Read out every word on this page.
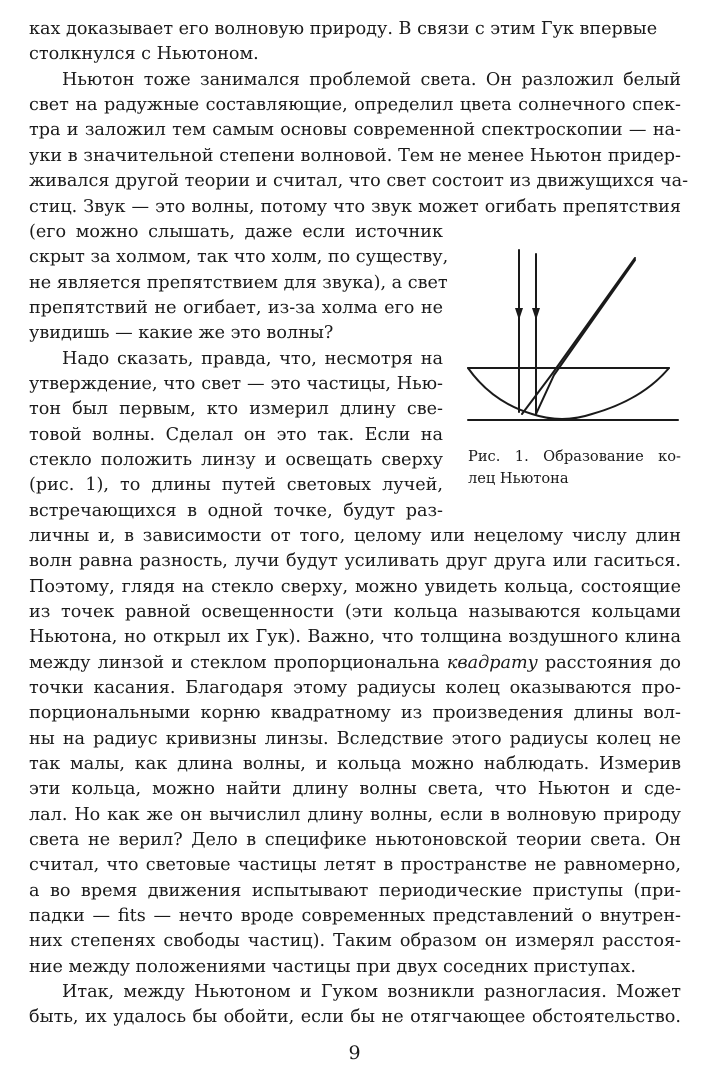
ках доказывает его волновую природу. В связи с этим Гук впервые
столкнулся с Ньютоном.
Ньютон тоже занимался проблемой света. Он разложил белый
свет на радужные составляющие, определил цвета солнечного спек-
тра и заложил тем самым основы современной спектроскопии — на-
уки в значительной степени волновой. Тем не менее Ньютон придер-
живался другой теории и считал, что свет состоит из движущихся ча-
стиц. Звук — это волны, потому что звук может огибать препятствия
(его можно слышать, даже если источник
скрыт за холмом, так что холм, по существу,
не является препятствием для звука), а свет
препятствий не огибает, из-за холма его не
увидишь — какие же это волны?
Надо сказать, правда, что, несмотря на
утверждение, что свет — это частицы, Нью-
тон был первым, кто измерил длину све-
товой волны. Сделал он это так. Если на
стекло положить линзу и освещать сверху
(рис. 1), то длины путей световых лучей,
встречающихся в одной точке, будут раз-
личны и, в зависимости от того, целому или нецелому числу длин
волн равна разность, лучи будут усиливать друг друга или гаситься.
Поэтому, глядя на стекло сверху, можно увидеть кольца, состоящие
из точек равной освещенности (эти кольца называются кольцами
Ньютона, но открыл их Гук). Важно, что толщина воздушного клина
между линзой и стеклом пропорциональна квадрату расстояния до
точки касания. Благодаря этому радиусы колец оказываются про-
порциональными корню квадратному из произведения длины вол-
ны на радиус кривизны линзы. Вследствие этого радиусы колец не
так малы, как длина волны, и кольца можно наблюдать. Измерив
эти кольца, можно найти длину волны света, что Ньютон и сде-
лал. Но как же он вычислил длину волны, если в волновую природу
света не верил? Дело в специфике ньютоновской теории света. Он
считал, что световые частицы летят в пространстве не равномерно,
а во время движения испытывают периодические приступы (при-
падки — fits — нечто вроде современных представлений о внутрен-
них степенях свободы частиц). Таким образом он измерял расстоя-
ние между положениями частицы при двух соседних приступах.
Итак, между Ньютоном и Гуком возникли разногласия. Может
быть, их удалось бы обойти, если бы не отягчающее обстоятельство.
Рис. 1. Образование ко-
лец Ньютона
9
